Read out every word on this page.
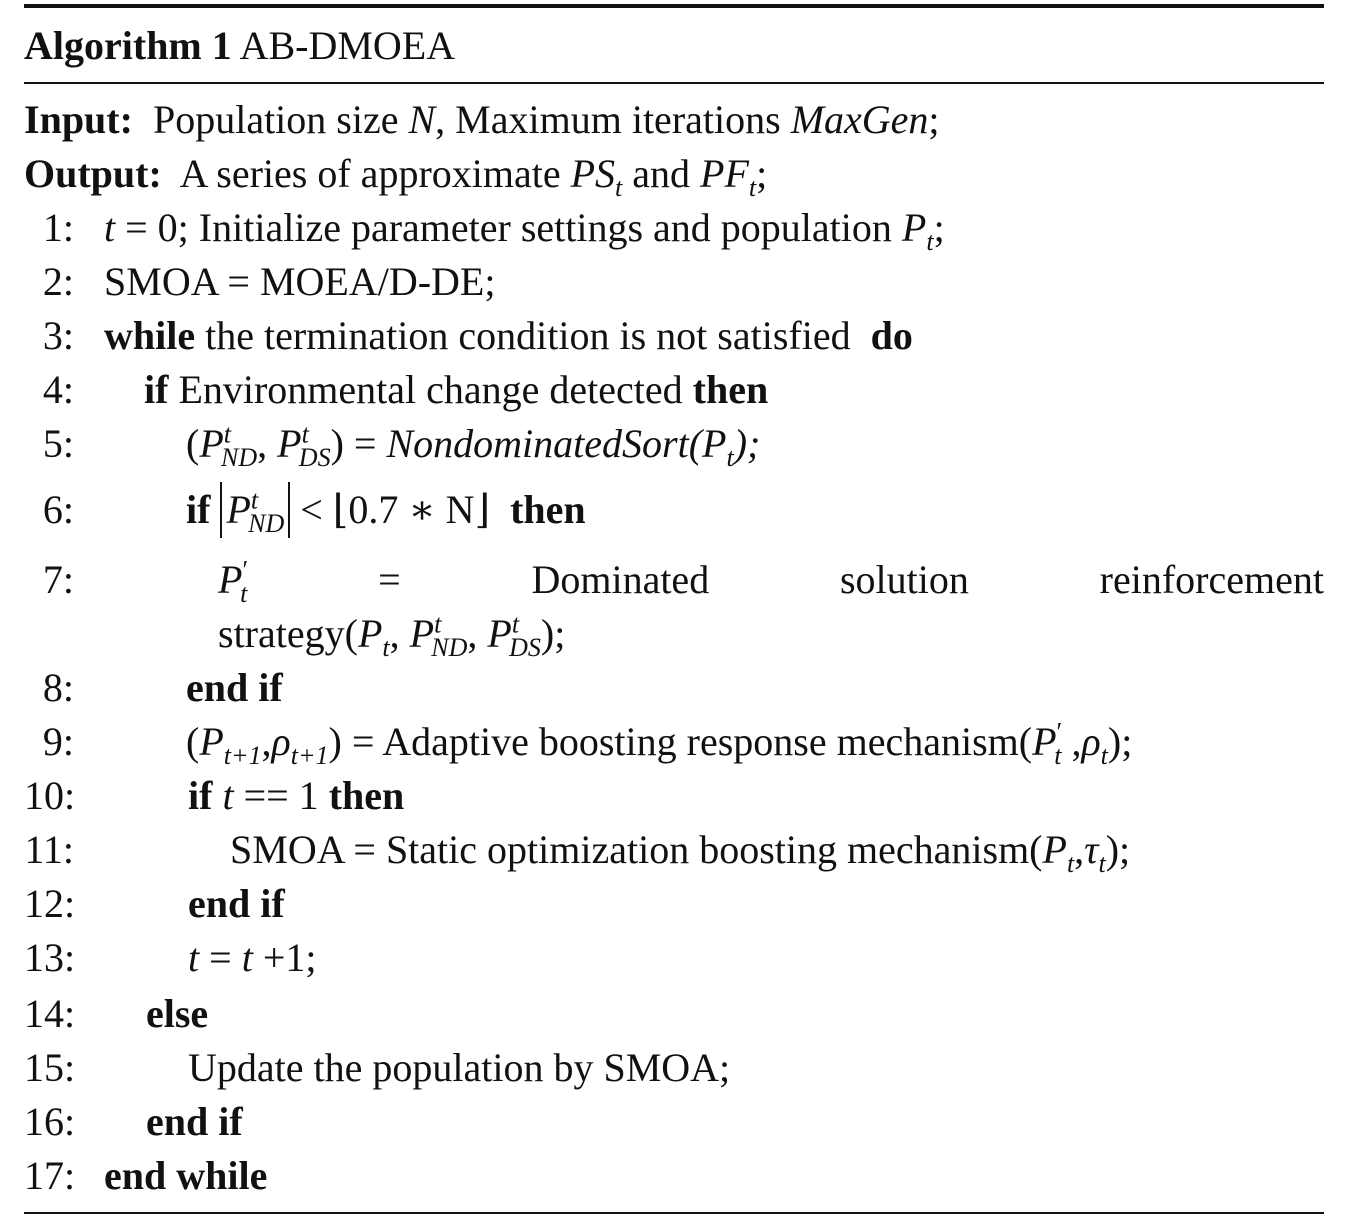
Algorithm 1 AB-DMOEA
Input: Population size N, Maximum iterations MaxGen;
Output: A series of approximate $PS_t$ and $PF_t$;
1: t = 0; Initialize parameter settings and population $P_t$;
2: SMOA = MOEA/D-DE;
3: while the termination condition is not satisfied  do
4: if Environmental change detected then
5:	($P^t_{ND}$, $P^t_{DS}$) = $NondominatedSort(P_t)$;
6:	if $P^t_{ND}$ < ⌊0.7 ∗ N⌋  then
7:	$P'_t$	=	Dominated	solution	reinforcement
$strategy(P_t$, $P^t_{ND}$, $P^t_{DS}$);
8:	end if
9:	$(P_{t+1},\rho_{t+1})$ = Adaptive boosting response $mechanism(P'_t$ $,\rho_t$);
10:	if t == 1 then
11:	SMOA = Static optimization boosting $mechanism(P_t,\tau_t)$;
12:	end if
13:	t = t +1;
14: else
15:	Update the population by SMOA;
16: end if
17: end while
